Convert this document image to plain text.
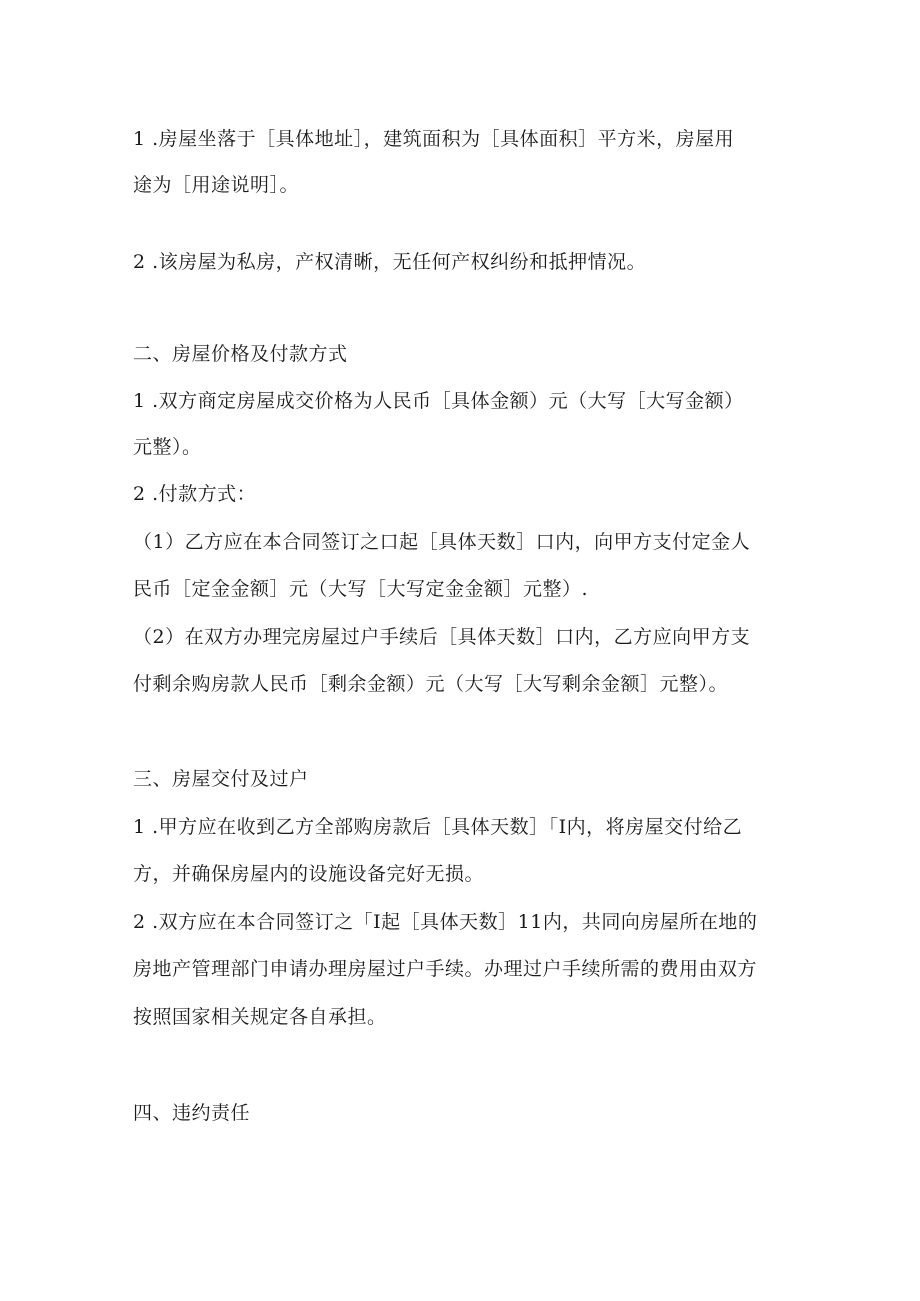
1 .房屋坐落于［具体地址］，建筑面积为［具体面积］平方米，房屋用
途为［用途说明］。
2 .该房屋为私房，产权清晰，无任何产权纠纷和抵押情况。
二、房屋价格及付款方式
1 .双方商定房屋成交价格为人民币［具体金额）元（大写［大写金额）
元整）。
2 .付款方式：
（1）乙方应在本合同签订之口起［具体天数］口内，向甲方支付定金人
民币［定金金额］元（大写［大写定金金额］元整）.
（2）在双方办理完房屋过户手续后［具体天数］口内，乙方应向甲方支
付剩余购房款人民币［剩余金额）元（大写［大写剩余金额］元整）。
三、房屋交付及过户
1 .甲方应在收到乙方全部购房款后［具体天数］「I内，将房屋交付给乙
方，并确保房屋内的设施设备完好无损。
2 .双方应在本合同签订之「I起［具体天数］11内，共同向房屋所在地的
房地产管理部门申请办理房屋过户手续。办理过户手续所需的费用由双方
按照国家相关规定各自承担。
四、违约责任
